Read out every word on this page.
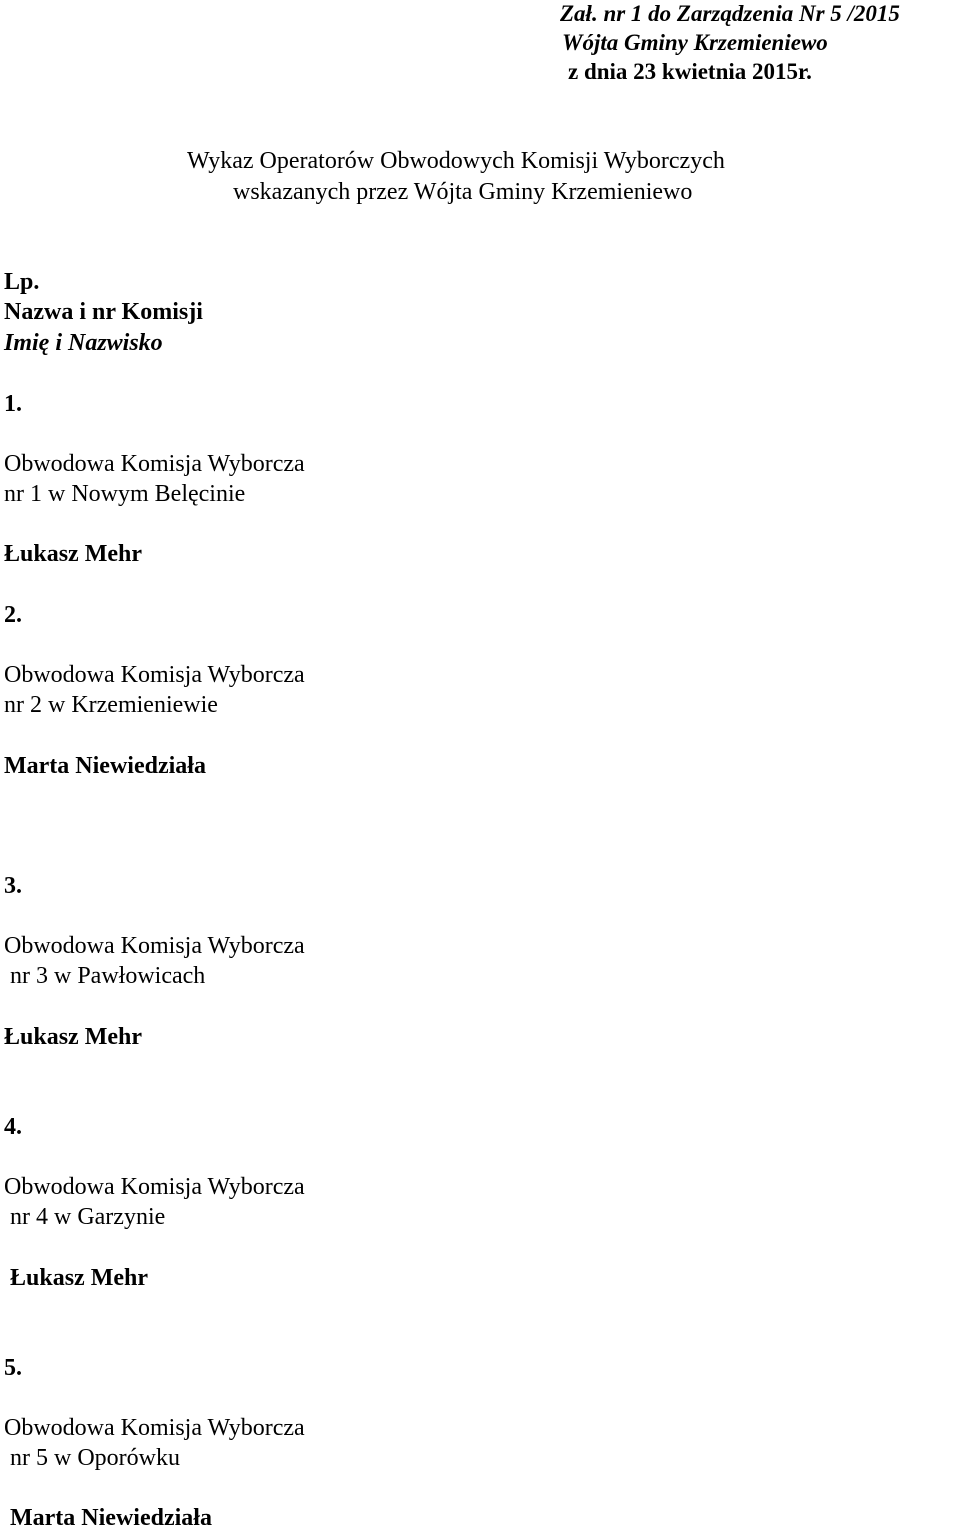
Zał. nr 1 do Zarządzenia Nr 5 /2015

Wójta Gminy Krzemieniewo

z dnia 23 kwietnia 2015r.

Wykaz Operatorów Obwodowych Komisji Wyborczych

wskazanych przez Wójta Gminy Krzemieniewo

Lp.

Nazwa i nr Komisji

Imię i Nazwisko

1.

Obwodowa Komisja Wyborcza

nr 1 w Nowym Belęcinie

Łukasz Mehr

2.

Obwodowa Komisja Wyborcza

nr 2 w Krzemieniewie

Marta Niewiedziała

3.

Obwodowa Komisja Wyborcza

nr 3 w Pawłowicach

Łukasz Mehr

4.

Obwodowa Komisja Wyborcza

nr 4 w Garzynie

Łukasz Mehr

5.

Obwodowa Komisja Wyborcza

nr 5 w Oporówku

Marta Niewiedziała
